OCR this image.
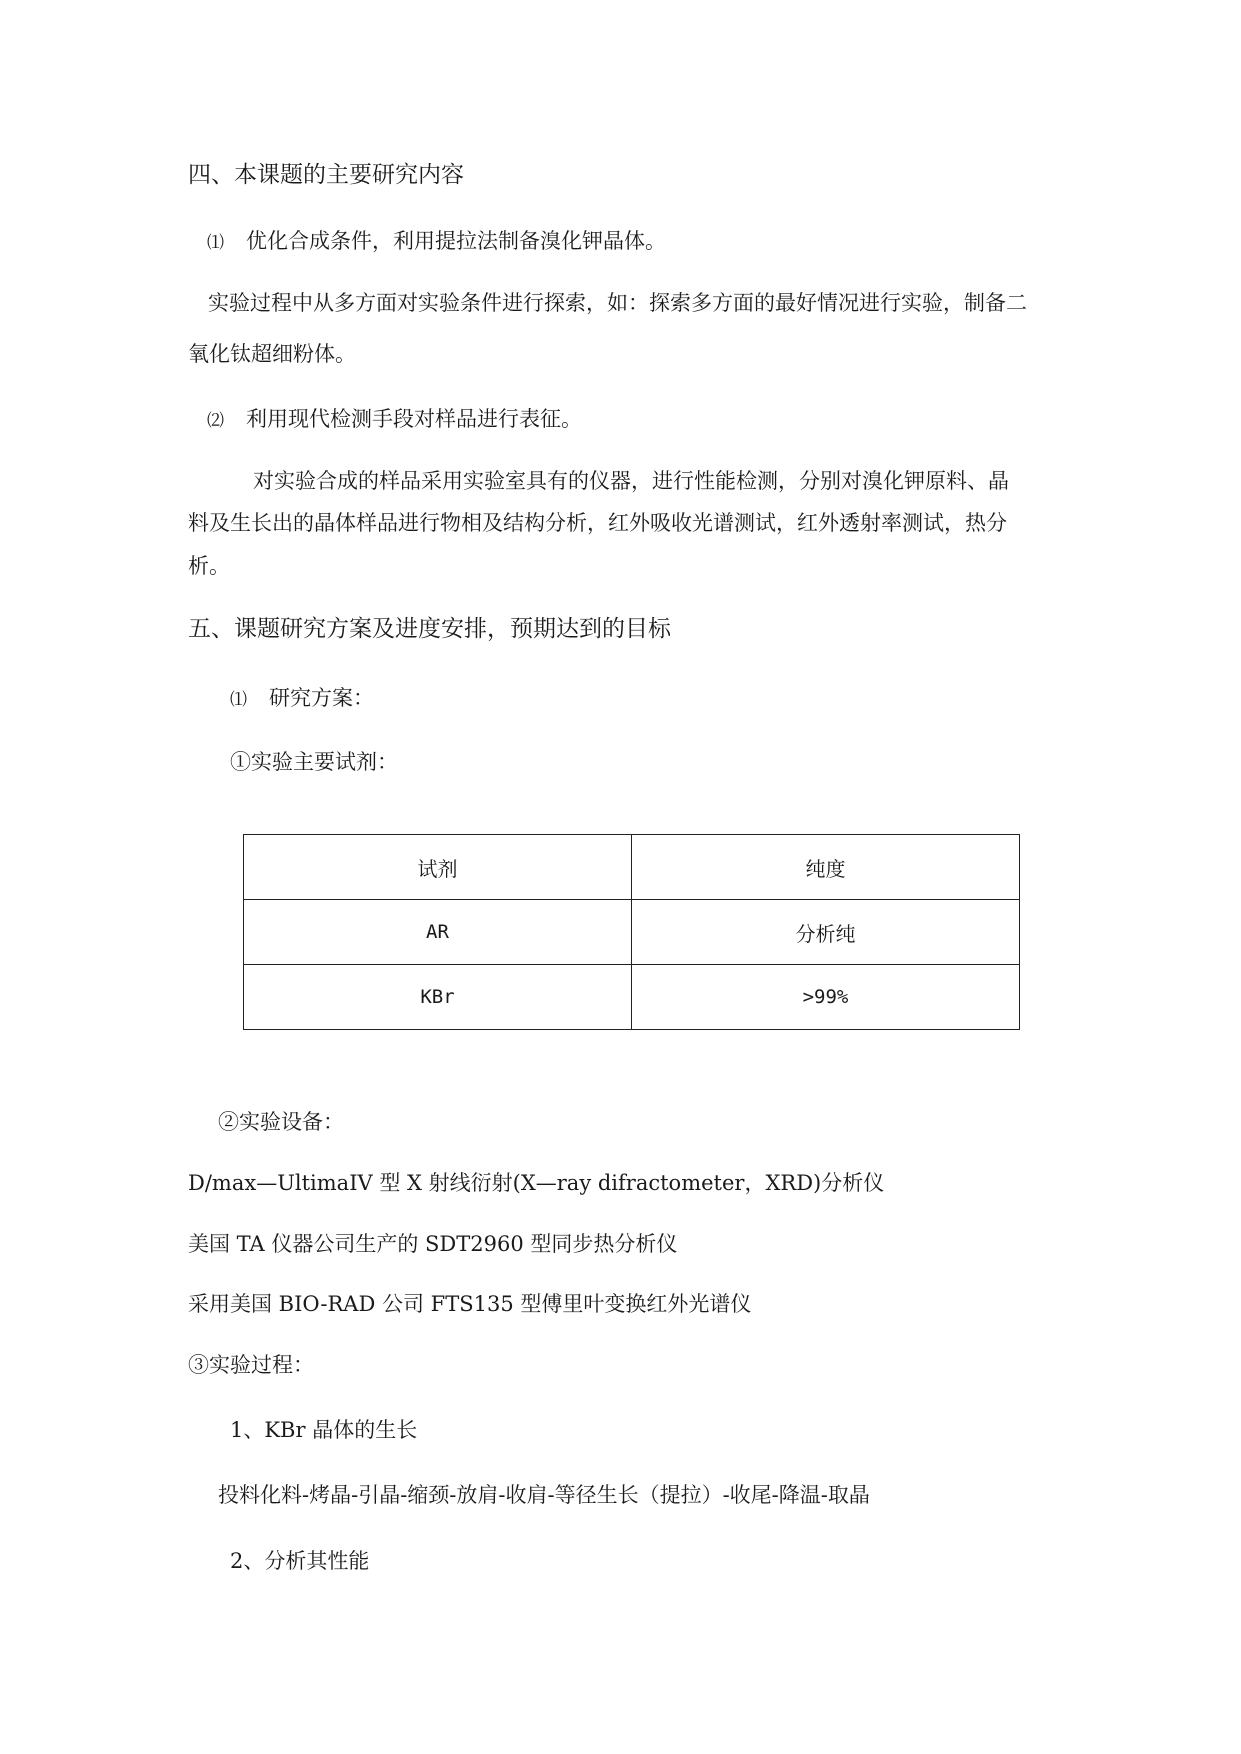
四、本课题的主要研究内容
⑴ 优化合成条件，利用提拉法制备溴化钾晶体。
实验过程中从多方面对实验条件进行探索，如：探索多方面的最好情况进行实验，制备二
氧化钛超细粉体。
⑵ 利用现代检测手段对样品进行表征。
对实验合成的样品采用实验室具有的仪器，进行性能检测，分别对溴化钾原料、晶
料及生长出的晶体样品进行物相及结构分析，红外吸收光谱测试，红外透射率测试，热分
析。
五、课题研究方案及进度安排，预期达到的目标
⑴ 研究方案：
①实验主要试剂：
试剂	纯度
AR	分析纯
KBr	>99%
②实验设备：
D/max—UltimaIV 型 X 射线衍射(X—ray difractometer，XRD)分析仪
美国 TA 仪器公司生产的 SDT2960 型同步热分析仪
采用美国 BIO-RAD 公司 FTS135 型傅里叶变换红外光谱仪
③实验过程：
1、KBr 晶体的生长
投料化料-烤晶-引晶-缩颈-放肩-收肩-等径生长（提拉）-收尾-降温-取晶
2、分析其性能
